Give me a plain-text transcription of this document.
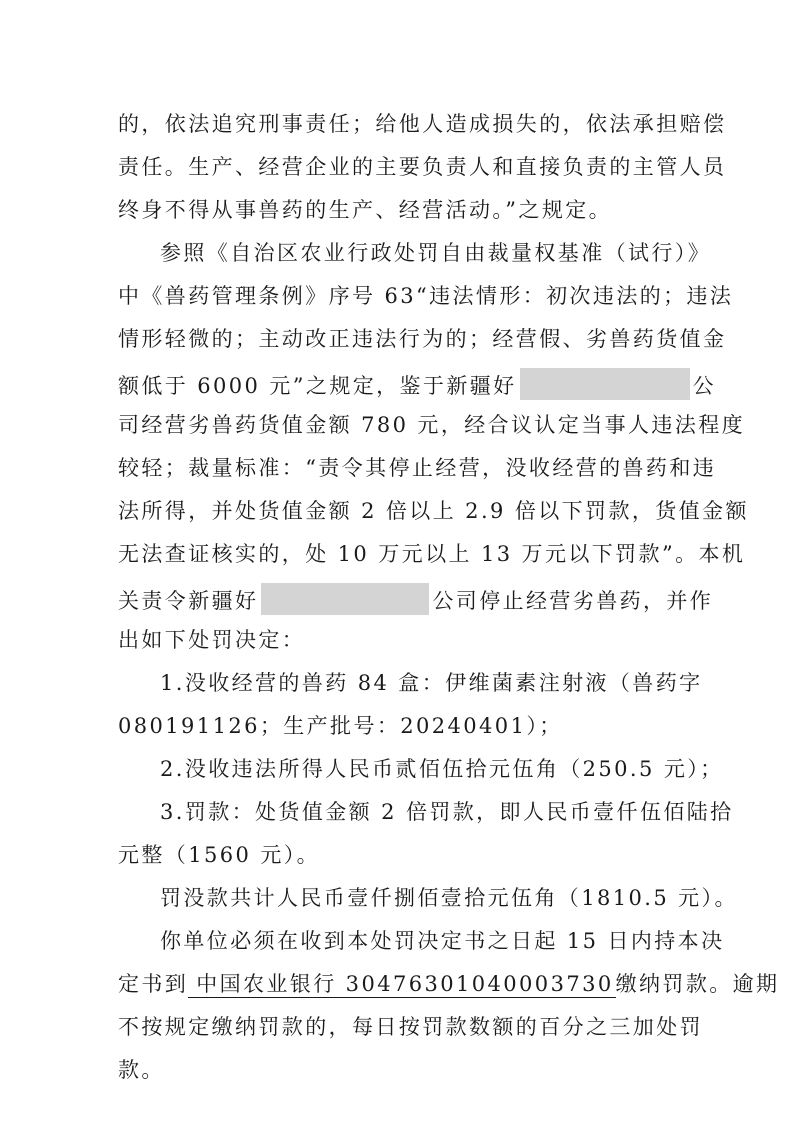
的，依法追究刑事责任；给他人造成损失的，依法承担赔偿
责任。生产、经营企业的主要负责人和直接负责的主管人员
终身不得从事兽药的生产、经营活动。”之规定。
参照《自治区农业行政处罚自由裁量权基准（试行）》
中《兽药管理条例》序号 63“违法情形：初次违法的；违法
情形轻微的；主动改正违法行为的；经营假、劣兽药货值金
额低于 6000 元”之规定，鉴于新疆好	公
司经营劣兽药货值金额 780 元，经合议认定当事人违法程度
较轻；裁量标准：“责令其停止经营，没收经营的兽药和违
法所得，并处货值金额 2 倍以上 2.9 倍以下罚款，货值金额
无法查证核实的，处 10 万元以上 13 万元以下罚款”。本机
关责令新疆好	公司停止经营劣兽药，并作
出如下处罚决定：
1.没收经营的兽药 84 盒：伊维菌素注射液（兽药字
080191126；生产批号：20240401）；
2.没收违法所得人民币贰佰伍拾元伍角（250.5 元）；
3.罚款：处货值金额 2 倍罚款，即人民币壹仟伍佰陆拾
元整（1560 元）。
罚没款共计人民币壹仟捌佰壹拾元伍角（1810.5 元）。
你单位必须在收到本处罚决定书之日起 15 日内持本决
定书到 中国农业银行 30476301040003730缴纳罚款。逾期
不按规定缴纳罚款的，每日按罚款数额的百分之三加处罚
款。
